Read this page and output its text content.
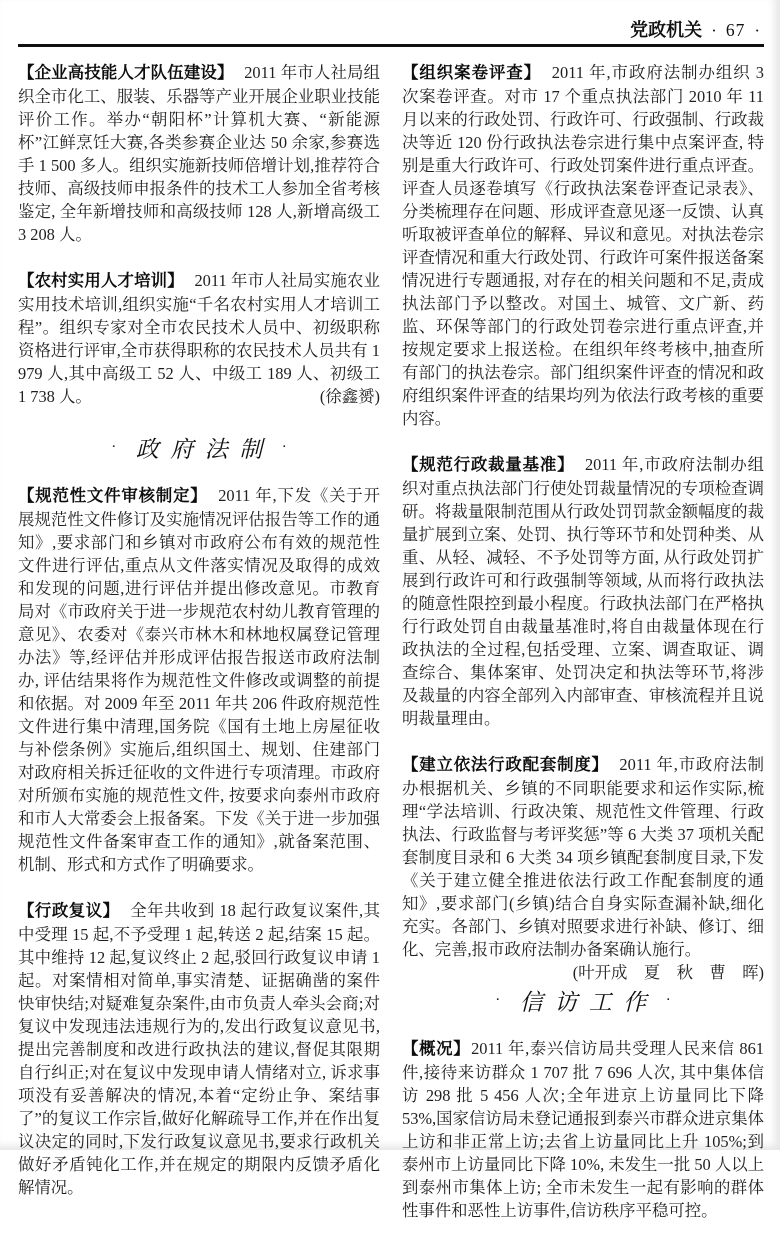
党政机关 · 67 ·

【企业高技能人才队伍建设】 2011 年市人社局组织全市化工、服装、乐器等产业开展企业职业技能评价工作。举办“朝阳杯”计算机大赛、“新能源杯”江鲜烹饪大赛,各类参赛企业达 50 余家,参赛选手 1 500 多人。组织实施新技师倍增计划,推荐符合技师、高级技师申报条件的技术工人参加全省考核鉴定, 全年新增技师和高级技师 128 人,新增高级工 3 208 人。

【农村实用人才培训】 2011 年市人社局实施农业实用技术培训,组织实施“千名农村实用人才培训工程”。组织专家对全市农民技术人员中、初级职称资格进行评审,全市获得职称的农民技术人员共有 1 979 人,其中高级工 52 人、中级工 189 人、初级工 1 738 人。	(徐鑫赟)

· 政府法制 ·

【规范性文件审核制定】 2011 年,下发《关于开展规范性文件修订及实施情况评估报告等工作的通知》,要求部门和乡镇对市政府公布有效的规范性文件进行评估,重点从文件落实情况及取得的成效和发现的问题,进行评估并提出修改意见。市教育局对《市政府关于进一步规范农村幼儿教育管理的意见》、农委对《泰兴市林木和林地权属登记管理办法》等,经评估并形成评估报告报送市政府法制办, 评估结果将作为规范性文件修改或调整的前提和依据。对 2009 年至 2011 年共 206 件政府规范性文件进行集中清理,国务院《国有土地上房屋征收与补偿条例》实施后,组织国土、规划、住建部门对政府相关拆迁征收的文件进行专项清理。市政府对所颁布实施的规范性文件, 按要求向泰州市政府和市人大常委会上报备案。下发《关于进一步加强规范性文件备案审查工作的通知》,就备案范围、机制、形式和方式作了明确要求。

【行政复议】 全年共收到 18 起行政复议案件,其中受理 15 起,不予受理 1 起,转送 2 起,结案 15 起。其中维持 12 起,复议终止 2 起,驳回行政复议申请 1 起。对案情相对简单,事实清楚、证据确凿的案件快审快结;对疑难复杂案件,由市负责人牵头会商;对复议中发现违法违规行为的,发出行政复议意见书,提出完善制度和改进行政执法的建议,督促其限期自行纠正;对在复议中发现申请人情绪对立, 诉求事项没有妥善解决的情况,本着“定纷止争、案结事了”的复议工作宗旨,做好化解疏导工作,并在作出复议决定的同时,下发行政复议意见书,要求行政机关做好矛盾钝化工作,并在规定的期限内反馈矛盾化解情况。

【组织案卷评查】 2011 年,市政府法制办组织 3 次案卷评查。对市 17 个重点执法部门 2010 年 11 月以来的行政处罚、行政许可、行政强制、行政裁决等近 120 份行政执法卷宗进行集中点案评查, 特别是重大行政许可、行政处罚案件进行重点评查。评查人员逐卷填写《行政执法案卷评查记录表》、分类梳理存在问题、形成评查意见逐一反馈、认真听取被评查单位的解释、异议和意见。对执法卷宗评查情况和重大行政处罚、行政许可案件报送备案情况进行专题通报, 对存在的相关问题和不足,责成执法部门予以整改。对国土、城管、文广新、药监、环保等部门的行政处罚卷宗进行重点评查,并按规定要求上报送检。在组织年终考核中,抽查所有部门的执法卷宗。部门组织案件评查的情况和政府组织案件评查的结果均列为依法行政考核的重要内容。

【规范行政裁量基准】 2011 年,市政府法制办组织对重点执法部门行使处罚裁量情况的专项检查调研。将裁量限制范围从行政处罚罚款金额幅度的裁量扩展到立案、处罚、执行等环节和处罚种类、从重、从轻、减轻、不予处罚等方面, 从行政处罚扩展到行政许可和行政强制等领域, 从而将行政执法的随意性限控到最小程度。行政执法部门在严格执行行政处罚自由裁量基准时,将自由裁量体现在行政执法的全过程,包括受理、立案、调查取证、调查综合、集体案审、处罚决定和执法等环节,将涉及裁量的内容全部列入内部审查、审核流程并且说明裁量理由。

【建立依法行政配套制度】 2011 年,市政府法制办根据机关、乡镇的不同职能要求和运作实际,梳理“学法培训、行政决策、规范性文件管理、行政执法、行政监督与考评奖惩”等 6 大类 37 项机关配套制度目录和 6 大类 34 项乡镇配套制度目录,下发《关于建立健全推进依法行政工作配套制度的通知》,要求部门(乡镇)结合自身实际查漏补缺,细化充实。各部门、乡镇对照要求进行补缺、修订、细化、完善,报市政府法制办备案确认施行。
(叶开成　夏　秋　曹　晖)

· 信访工作 ·

【概况】2011 年,泰兴信访局共受理人民来信 861 件,接待来访群众 1 707 批 7 696 人次, 其中集体信访 298 批 5 456 人次;全年进京上访量同比下降 53%,国家信访局未登记通报到泰兴市群众进京集体上访和非正常上访;去省上访量同比上升 105%;到泰州市上访量同比下降 10%, 未发生一批 50 人以上到泰州市集体上访; 全市未发生一起有影响的群体性事件和恶性上访事件,信访秩序平稳可控。
